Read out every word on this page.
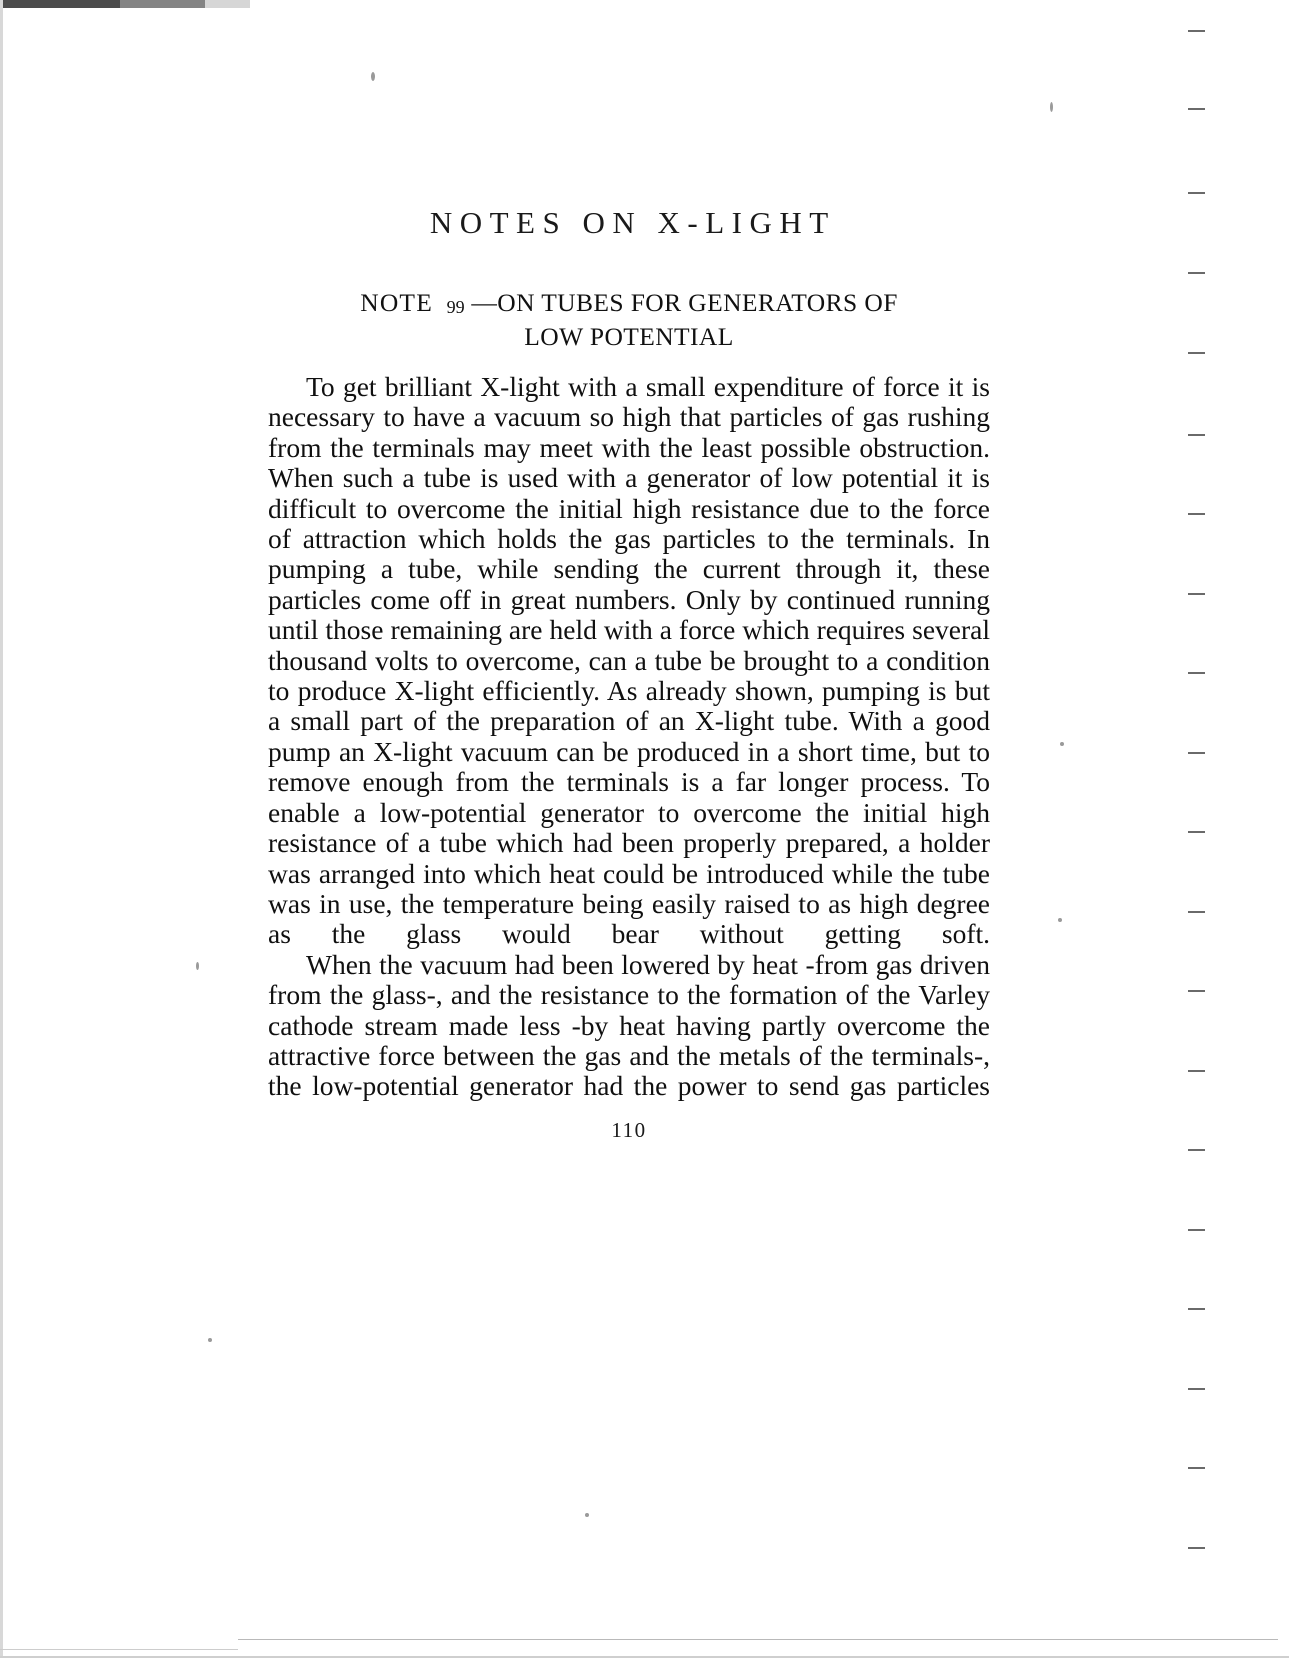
NOTES ON X-LIGHT
NOTE 99 —ON TUBES FOR GENERATORS OF
LOW POTENTIAL

To get brilliant X-light with a small expenditure of force it is necessary to have a vacuum so high that particles of gas rushing from the terminals may meet with the least possible obstruction. When such a tube is used with a generator of low potential it is difficult to overcome the initial high resistance due to the force of attraction which holds the gas particles to the terminals. In pumping a tube, while sending the current through it, these particles come off in great numbers. Only by continued running until those remaining are held with a force which requires several thousand volts to overcome, can a tube be brought to a condition to produce X-light efficiently. As already shown, pumping is but a small part of the preparation of an X-light tube. With a good pump an X-light vacuum can be produced in a short time, but to remove enough from the terminals is a far longer process. To enable a low-potential generator to overcome the initial high resistance of a tube which had been properly prepared, a holder was arranged into which heat could be introduced while the tube was in use, the temperature being easily raised to as high degree as the glass would bear without getting soft.

When the vacuum had been lowered by heat -from gas driven from the glass-, and the resistance to the formation of the Varley cathode stream made less -by heat having partly overcome the attractive force between the gas and the metals of the terminals-, the low-potential generator had the power to send gas particles

110
